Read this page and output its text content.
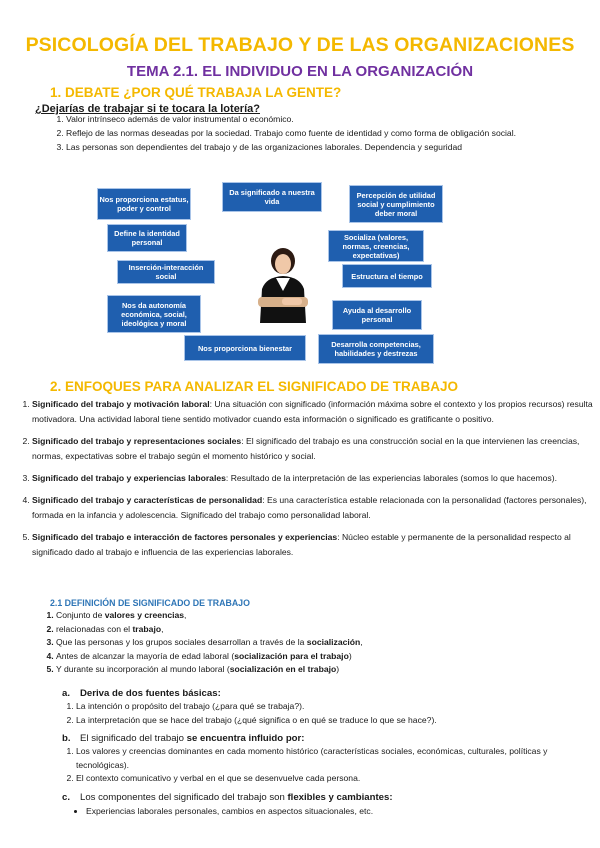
PSICOLOGÍA DEL TRABAJO Y DE LAS ORGANIZACIONES
TEMA 2.1. EL INDIVIDUO EN LA ORGANIZACIÓN
1. DEBATE ¿POR QUÉ TRABAJA LA GENTE?
¿Dejarías de trabajar si te tocara la lotería?
1. Valor intrínseco además de valor instrumental o económico.
2. Reflejo de las normas deseadas por la sociedad. Trabajo como fuente de identidad y como forma de obligación social.
3. Las personas son dependientes del trabajo y de las organizaciones laborales. Dependencia y seguridad
Nos proporciona estatus, poder y control
Da significado a nuestra vida
Percepción de utilidad social y cumplimiento deber moral
Define la identidad personal
Socializa (valores, normas, creencias, expectativas)
Inserción-interacción social	Estructura el tiempo
Nos da autonomía económica, social, ideológica y moral
Ayuda al desarrollo personal
Nos proporciona bienestar	Desarrolla competencias, habilidades y destrezas
2. ENFOQUES PARA ANALIZAR EL SIGNIFICADO DE TRABAJO
1. Significado del trabajo y motivación laboral: Una situación con significado (información máxima sobre el contexto y los propios recursos) resulta motivadora. Una actividad laboral tiene sentido motivador cuando esta información o significado es gratificante o positivo.
2. Significado del trabajo y representaciones sociales: El significado del trabajo es una construcción social en la que intervienen las creencias, normas, expectativas sobre el trabajo según el momento histórico y social.
3. Significado del trabajo y experiencias laborales: Resultado de la interpretación de las experiencias laborales (somos lo que hacemos).
4. Significado del trabajo y características de personalidad: Es una característica estable relacionada con la personalidad (factores personales), formada en la infancia y adolescencia. Significado del trabajo como personalidad laboral.
5. Significado del trabajo e interacción de factores personales y experiencias: Núcleo estable y permanente de la personalidad respecto al significado dado al trabajo e influencia de las experiencias laborales.
2.1 DEFINICIÓN DE SIGNIFICADO DE TRABAJO
1. Conjunto de valores y creencias,
2. relacionadas con el trabajo,
3. Que las personas y los grupos sociales desarrollan a través de la socialización,
4. Antes de alcanzar la mayoría de edad laboral (socialización para el trabajo)
5. Y durante su incorporación al mundo laboral (socialización en el trabajo)
a. Deriva de dos fuentes básicas:
1. La intención o propósito del trabajo (¿para qué se trabaja?).
2. La interpretación que se hace del trabajo (¿qué significa o en qué se traduce lo que se hace?).
b. El significado del trabajo se encuentra influido por:
1. Los valores y creencias dominantes en cada momento histórico (características sociales, económicas, culturales, políticas y tecnológicas).
2. El contexto comunicativo y verbal en el que se desenvuelve cada persona.
c. Los componentes del significado del trabajo son flexibles y cambiantes:
• Experiencias laborales personales, cambios en aspectos situacionales, etc.
